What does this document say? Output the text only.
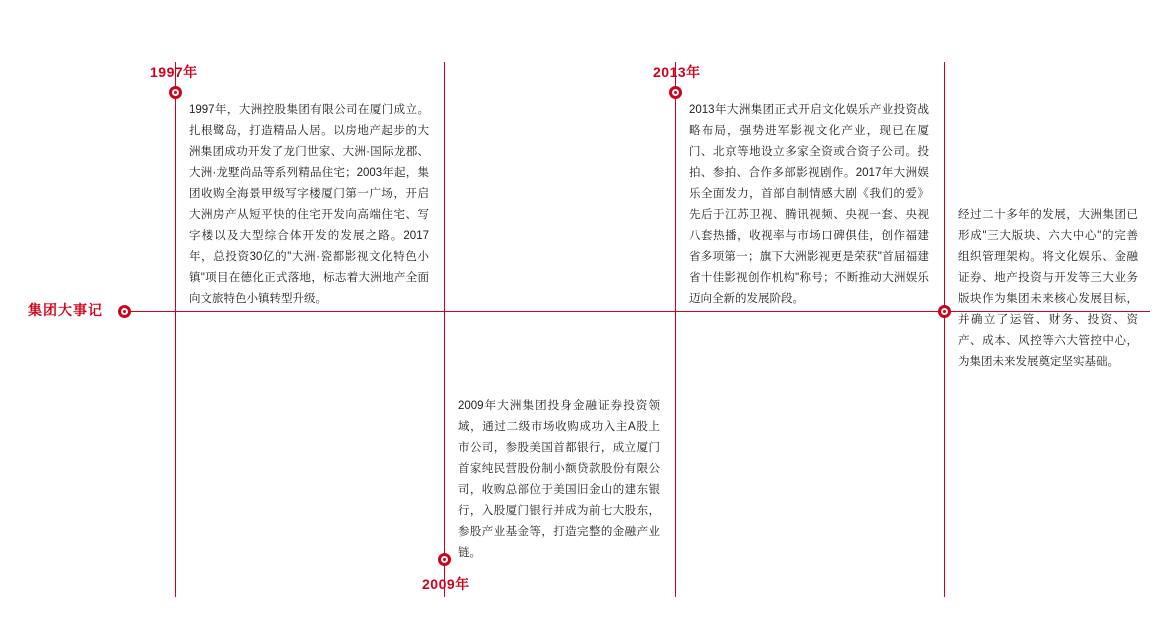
集团大事记
1997年
2009年
2013年
1997年，大洲控股集团有限公司在厦门成立。扎根鹭岛，打造精品人居。以房地产起步的大洲集团成功开发了龙门世家、大洲·国际龙郡、大洲·龙墅尚品等系列精品住宅；2003年起，集团收购全海景甲级写字楼厦门第一广场，开启大洲房产从短平快的住宅开发向高端住宅、写字楼以及大型综合体开发的发展之路。2017年，总投资30亿的"大洲·瓷都影视文化特色小镇"项目在德化正式落地，标志着大洲地产全面向文旅特色小镇转型升级。
2009年大洲集团投身金融证券投资领域，通过二级市场收购成功入主A股上市公司，参股美国首都银行，成立厦门首家纯民营股份制小额贷款股份有限公司，收购总部位于美国旧金山的建东银行，入股厦门银行并成为前七大股东，参股产业基金等，打造完整的金融产业链。
2013年大洲集团正式开启文化娱乐产业投资战略布局，强势进军影视文化产业，现已在厦门、北京等地设立多家全资或合资子公司。投拍、参拍、合作多部影视剧作。2017年大洲娱乐全面发力，首部自制情感大剧《我们的爱》先后于江苏卫视、腾讯视频、央视一套、央视八套热播，收视率与市场口碑俱佳，创作福建省多项第一；旗下大洲影视更是荣获"首届福建省十佳影视创作机构"称号；不断推动大洲娱乐迈向全新的发展阶段。
经过二十多年的发展，大洲集团已形成"三大版块、六大中心"的完善组织管理架构。将文化娱乐、金融证券、地产投资与开发等三大业务版块作为集团未来核心发展目标，并确立了运管、财务、投资、资产、成本、风控等六大管控中心，为集团未来发展奠定坚实基础。
